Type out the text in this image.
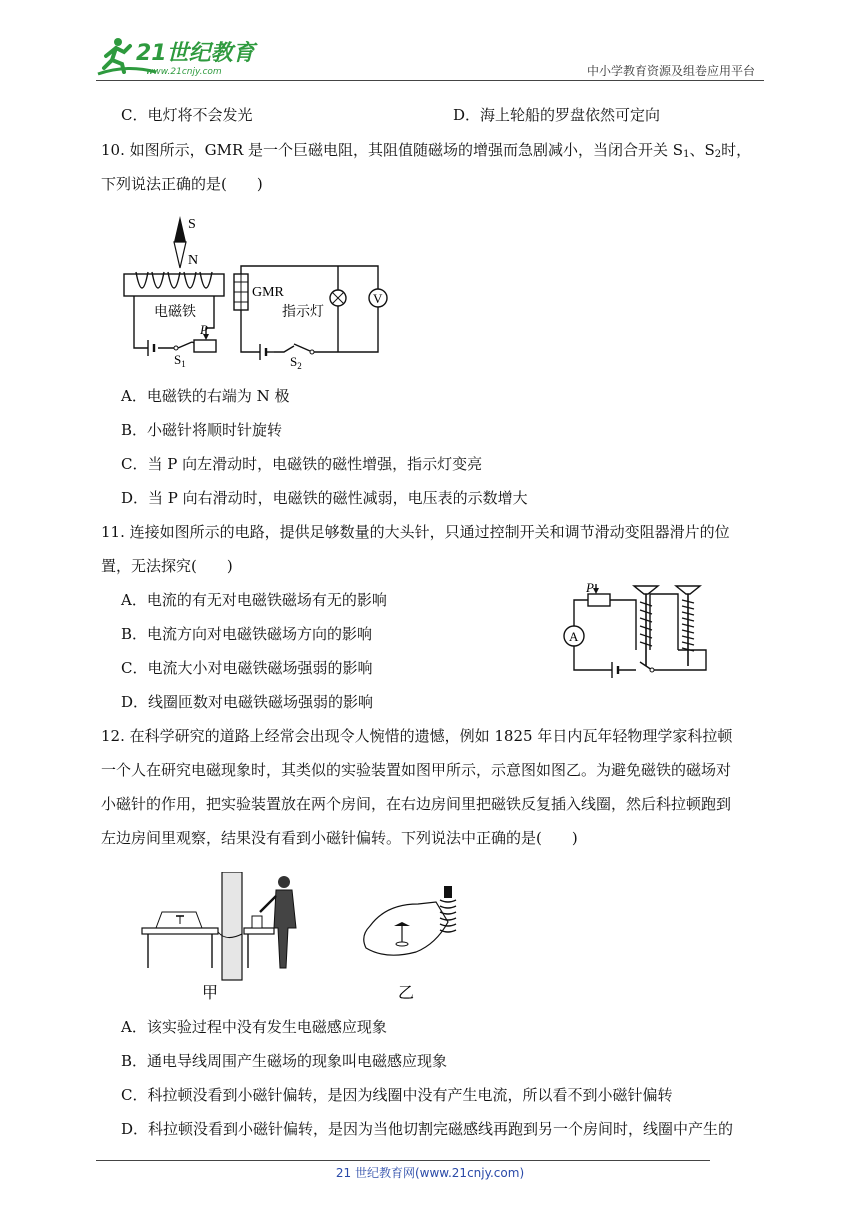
21世纪教育
www.21cnjy.com	中小学教育资源及组卷应用平台
C．电灯将不会发光	D．海上轮船的罗盘依然可定向
10. 如图所示，GMR 是一个巨磁电阻，其阻值随磁场的增强而急剧减小，当闭合开关 $S_1$、$S_2$时，
下列说法正确的是(　　)
S
N
电磁铁
P
$S_1$
GMR
指示灯
$S_2$
V
A．电磁铁的右端为 N 极
B．小磁针将顺时针旋转
C．当 P 向左滑动时，电磁铁的磁性增强，指示灯变亮
D．当 P 向右滑动时，电磁铁的磁性减弱，电压表的示数增大
11. 连接如图所示的电路，提供足够数量的大头针，只通过控制开关和调节滑动变阻器滑片的位
置，无法探究(　　)
A．电流的有无对电磁铁磁场有无的影响
B．电流方向对电磁铁磁场方向的影响
C．电流大小对电磁铁磁场强弱的影响
D．线圈匝数对电磁铁磁场强弱的影响
A
P
12. 在科学研究的道路上经常会出现令人惋惜的遗憾，例如 1825 年日内瓦年轻物理学家科拉顿
一个人在研究电磁现象时，其类似的实验装置如图甲所示，示意图如图乙。为避免磁铁的磁场对
小磁针的作用，把实验装置放在两个房间，在右边房间里把磁铁反复插入线圈，然后科拉顿跑到
左边房间里观察，结果没有看到小磁针偏转。下列说法中正确的是(　　)
甲	乙
A．该实验过程中没有发生电磁感应现象
B．通电导线周围产生磁场的现象叫电磁感应现象
C．科拉顿没看到小磁针偏转，是因为线圈中没有产生电流，所以看不到小磁针偏转
D．科拉顿没看到小磁针偏转，是因为当他切割完磁感线再跑到另一个房间时，线圈中产生的
21 世纪教育网(www.21cnjy.com)
